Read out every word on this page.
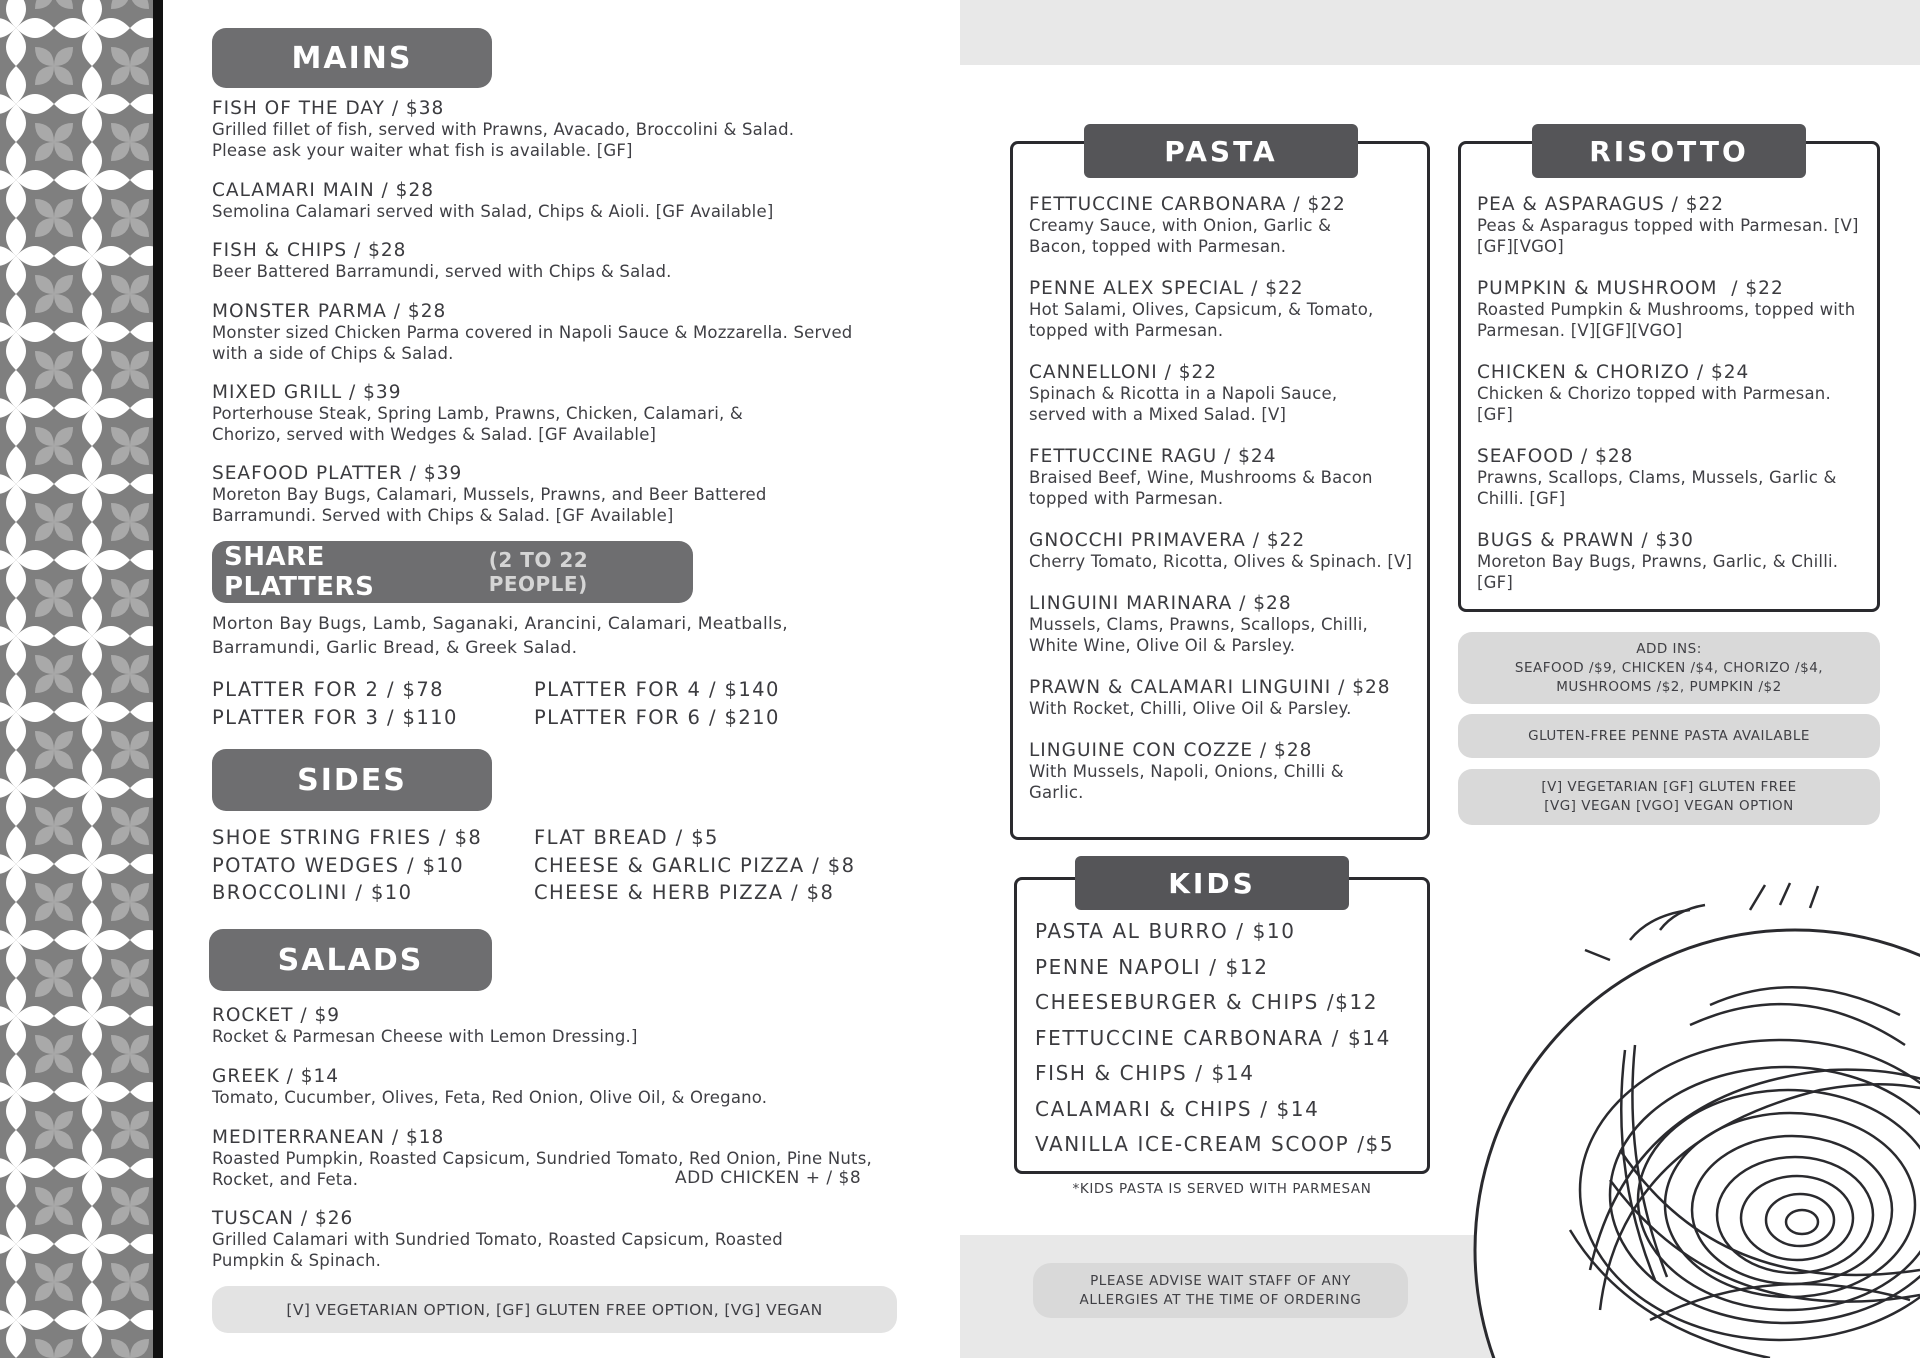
MAINS
FISH OF THE DAY / $38
Grilled fillet of fish, served with Prawns, Avacado, Broccolini & Salad. Please ask your waiter what fish is available. [GF]
CALAMARI MAIN / $28
Semolina Calamari served with Salad, Chips & Aioli. [GF Available]
FISH & CHIPS / $28
Beer Battered Barramundi, served with Chips & Salad.
MONSTER PARMA / $28
Monster sized Chicken Parma covered in Napoli Sauce & Mozzarella. Served with a side of Chips & Salad.
MIXED GRILL / $39
Porterhouse Steak, Spring Lamb, Prawns, Chicken, Calamari, & Chorizo, served with Wedges & Salad. [GF Available]
SEAFOOD PLATTER / $39
Moreton Bay Bugs, Calamari, Mussels, Prawns, and Beer Battered Barramundi. Served with Chips & Salad. [GF Available]
SHARE PLATTERS
(2 TO 22 PEOPLE)
Morton Bay Bugs, Lamb, Saganaki, Arancini, Calamari, Meatballs, Barramundi, Garlic Bread, & Greek Salad.
PLATTER FOR 2 / $78	PLATTER FOR 4 / $140
PLATTER FOR 3 / $110	PLATTER FOR 6 / $210
SIDES
SHOE STRING FRIES / $8	FLAT BREAD / $5
POTATO WEDGES / $10	CHEESE & GARLIC PIZZA / $8
BROCCOLINI / $10	CHEESE & HERB PIZZA / $8
SALADS
ROCKET / $9
Rocket & Parmesan Cheese with Lemon Dressing.]
GREEK / $14
Tomato, Cucumber, Olives, Feta, Red Onion, Olive Oil, & Oregano.
MEDITERRANEAN / $18
Roasted Pumpkin, Roasted Capsicum, Sundried Tomato, Red Onion, Pine Nuts, Rocket, and Feta.	ADD CHICKEN + / $8
TUSCAN / $26
Grilled Calamari with Sundried Tomato, Roasted Capsicum, Roasted Pumpkin & Spinach.
[V] VEGETARIAN OPTION, [GF] GLUTEN FREE OPTION, [VG] VEGAN
PASTA
FETTUCCINE CARBONARA / $22
Creamy Sauce, with Onion, Garlic & Bacon, topped with Parmesan.
PENNE ALEX SPECIAL / $22
Hot Salami, Olives, Capsicum, & Tomato, topped with Parmesan.
CANNELLONI / $22
Spinach & Ricotta in a Napoli Sauce, served with a Mixed Salad. [V]
FETTUCCINE RAGU / $24
Braised Beef, Wine, Mushrooms & Bacon topped with Parmesan.
GNOCCHI PRIMAVERA / $22
Cherry Tomato, Ricotta, Olives & Spinach. [V]
LINGUINI MARINARA / $28
Mussels, Clams, Prawns, Scallops, Chilli, White Wine, Olive Oil & Parsley.
PRAWN & CALAMARI LINGUINI / $28
With Rocket, Chilli, Olive Oil & Parsley.
LINGUINE CON COZZE / $28
With Mussels, Napoli, Onions, Chilli & Garlic.
RISOTTO
PEA & ASPARAGUS / $22
Peas & Asparagus topped with Parmesan. [V][GF][VGO]
PUMPKIN & MUSHROOM  / $22
Roasted Pumpkin & Mushrooms, topped with Parmesan. [V][GF][VGO]
CHICKEN & CHORIZO / $24
Chicken & Chorizo topped with Parmesan. [GF]
SEAFOOD / $28
Prawns, Scallops, Clams, Mussels, Garlic & Chilli. [GF]
BUGS & PRAWN / $30
Moreton Bay Bugs, Prawns, Garlic, & Chilli. [GF]
ADD INS:
SEAFOOD /$9, CHICKEN /$4, CHORIZO /$4,
MUSHROOMS /$2, PUMPKIN /$2
GLUTEN-FREE PENNE PASTA AVAILABLE
[V] VEGETARIAN [GF] GLUTEN FREE
[VG] VEGAN [VGO] VEGAN OPTION
KIDS
PASTA AL BURRO / $10
PENNE NAPOLI / $12
CHEESEBURGER & CHIPS /$12
FETTUCCINE CARBONARA / $14
FISH & CHIPS / $14
CALAMARI & CHIPS / $14
VANILLA ICE-CREAM SCOOP /$5
*KIDS PASTA IS SERVED WITH PARMESAN
PLEASE ADVISE WAIT STAFF OF ANY
ALLERGIES AT THE TIME OF ORDERING
